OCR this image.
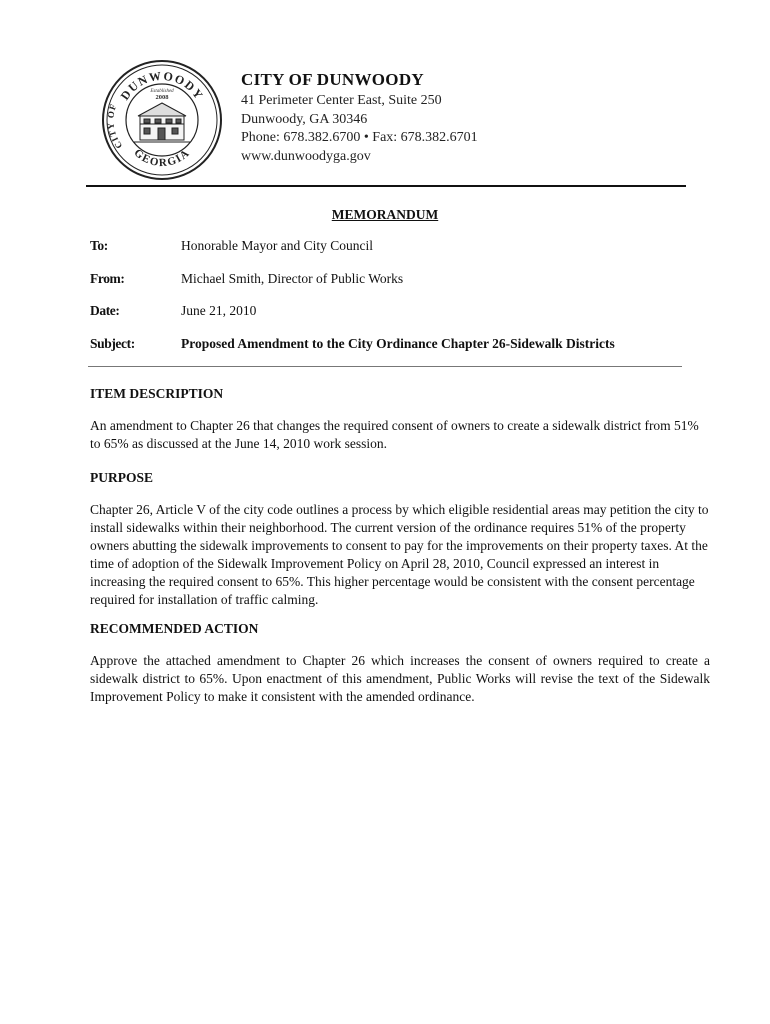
DUNWOODY
GEORGIA
CITY OF
Established
2008
CITY OF DUNWOODY
41 Perimeter Center East, Suite 250
Dunwoody, GA 30346
Phone: 678.382.6700 • Fax: 678.382.6701
www.dunwoodyga.gov
MEMORANDUM
To:	Honorable Mayor and City Council
From:	Michael Smith, Director of Public Works
Date:	June 21, 2010
Subject:	Proposed Amendment to the City Ordinance Chapter 26-Sidewalk Districts
ITEM DESCRIPTION
An amendment to Chapter 26 that changes the required consent of owners to create a sidewalk district from 51% to 65% as discussed at the June 14, 2010 work session.
PURPOSE
Chapter 26, Article V of the city code outlines a process by which eligible residential areas may petition the city to install sidewalks within their neighborhood. The current version of the ordinance requires 51% of the property owners abutting the sidewalk improvements to consent to pay for the improvements on their property taxes. At the time of adoption of the Sidewalk Improvement Policy on April 28, 2010, Council expressed an interest in increasing the required consent to 65%. This higher percentage would be consistent with the consent percentage required for installation of traffic calming.
RECOMMENDED ACTION
Approve the attached amendment to Chapter 26 which increases the consent of owners required to create a sidewalk district to 65%. Upon enactment of this amendment, Public Works will revise the text of the Sidewalk Improvement Policy to make it consistent with the amended ordinance.
